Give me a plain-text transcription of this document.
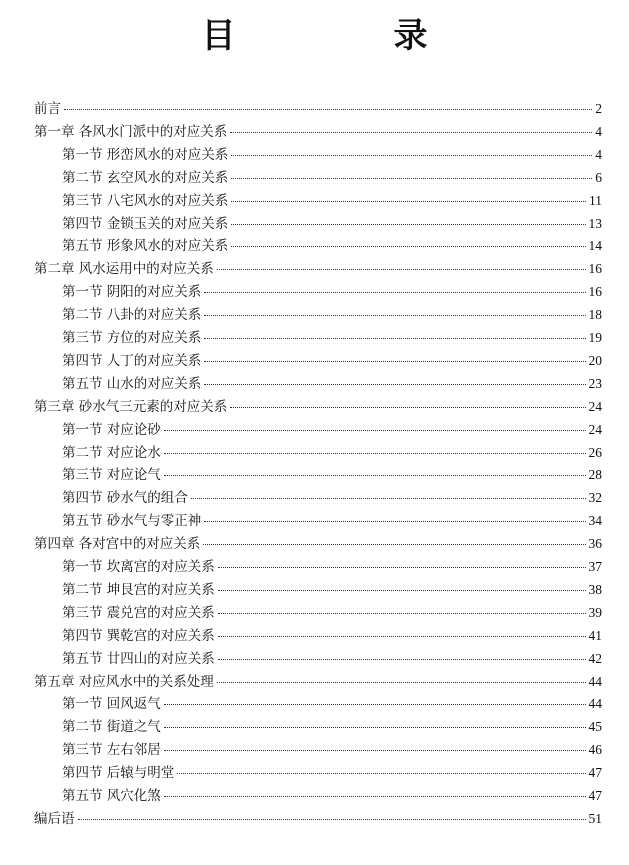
目　录
前言	2
第一章 各风水门派中的对应关系	4
第一节 形峦风水的对应关系	4
第二节 玄空风水的对应关系	6
第三节 八宅风水的对应关系	11
第四节 金锁玉关的对应关系	13
第五节 形象风水的对应关系	14
第二章 风水运用中的对应关系	16
第一节 阴阳的对应关系	16
第二节 八卦的对应关系	18
第三节 方位的对应关系	19
第四节 人丁的对应关系	20
第五节 山水的对应关系	23
第三章 砂水气三元素的对应关系	24
第一节 对应论砂	24
第二节 对应论水	26
第三节 对应论气	28
第四节 砂水气的组合	32
第五节 砂水气与零正神	34
第四章 各对宫中的对应关系	36
第一节 坎离宫的对应关系	37
第二节 坤艮宫的对应关系	38
第三节 震兑宫的对应关系	39
第四节 巽乾宫的对应关系	41
第五节 廿四山的对应关系	42
第五章 对应风水中的关系处理	44
第一节 回风返气	44
第二节 街道之气	45
第三节 左右邻居	46
第四节 后辕与明堂	47
第五节 风穴化煞	47
编后语	51
